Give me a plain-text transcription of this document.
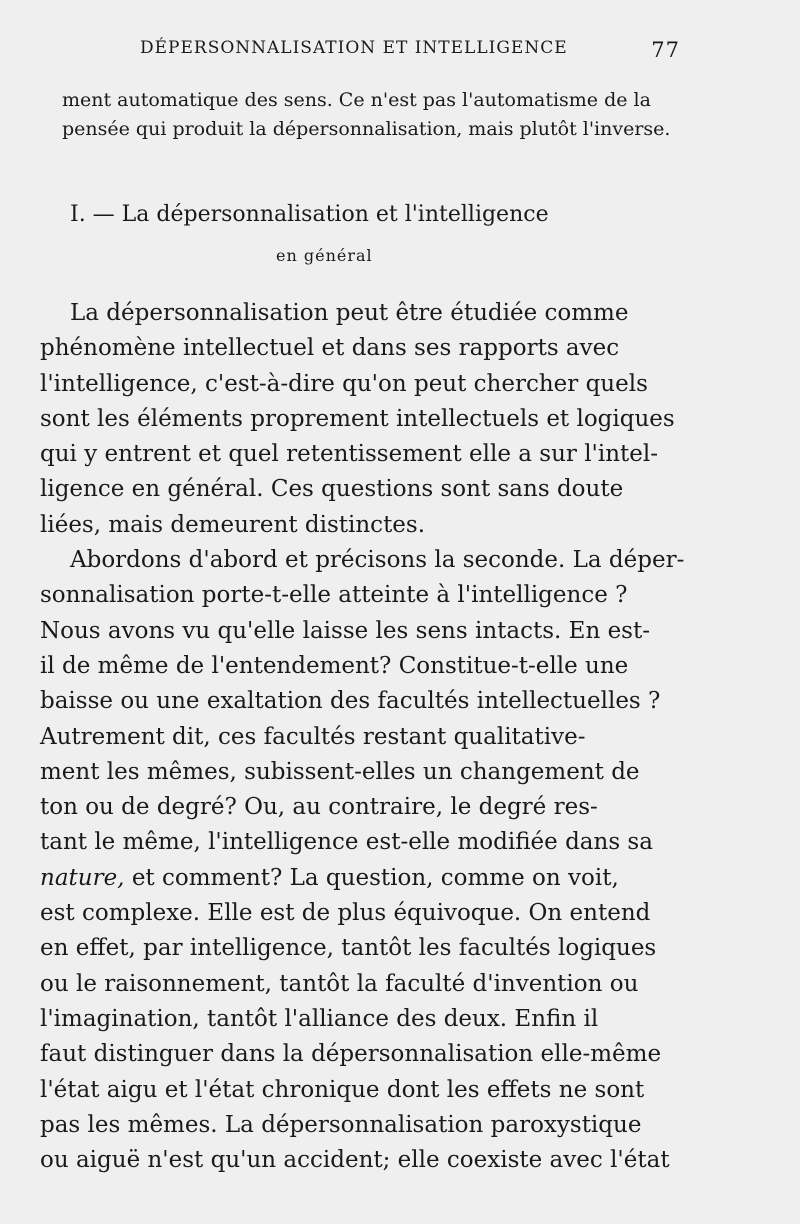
DÉPERSONNALISATION ET INTELLIGENCE	77
ment automatique des sens. Ce n'est pas l'automatisme de la
pensée qui produit la dépersonnalisation, mais plutôt l'inverse.
I. — La dépersonnalisation et l'intelligence
en général
La dépersonnalisation peut être étudiée comme
phénomène intellectuel et dans ses rapports avec
l'intelligence, c'est-à-dire qu'on peut chercher quels
sont les éléments proprement intellectuels et logiques
qui y entrent et quel retentissement elle a sur l'intel-
ligence en général. Ces questions sont sans doute
liées, mais demeurent distinctes.
Abordons d'abord et précisons la seconde. La déper-
sonnalisation porte-t-elle atteinte à l'intelligence ?
Nous avons vu qu'elle laisse les sens intacts. En est-
il de même de l'entendement? Constitue-t-elle une
baisse ou une exaltation des facultés intellectuelles ?
Autrement dit, ces facultés restant qualitative-
ment les mêmes, subissent-elles un changement de
ton ou de degré? Ou, au contraire, le degré res-
tant le même, l'intelligence est-elle modifiée dans sa
nature, et comment? La question, comme on voit,
est complexe. Elle est de plus équivoque. On entend
en effet, par intelligence, tantôt les facultés logiques
ou le raisonnement, tantôt la faculté d'invention ou
l'imagination, tantôt l'alliance des deux. Enfin il
faut distinguer dans la dépersonnalisation elle-même
l'état aigu et l'état chronique dont les effets ne sont
pas les mêmes. La dépersonnalisation paroxystique
ou aiguë n'est qu'un accident; elle coexiste avec l'état
